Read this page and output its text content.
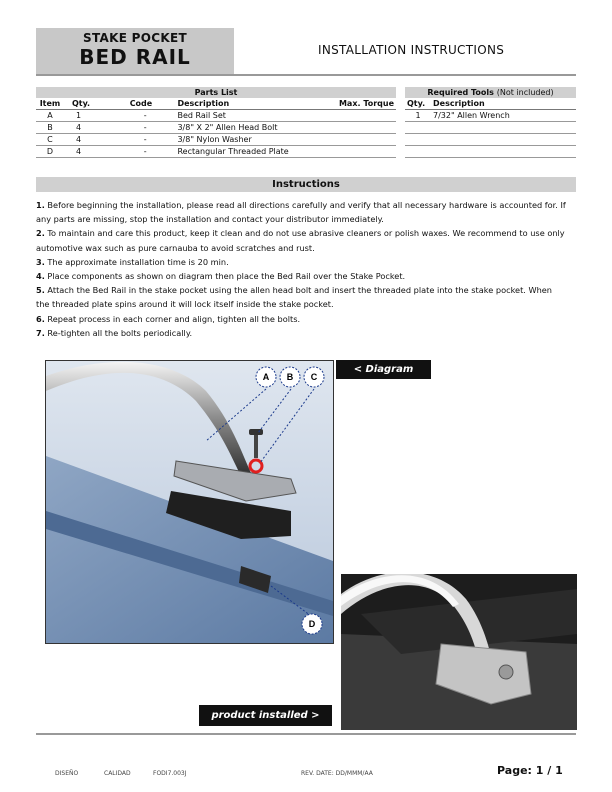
STAKE POCKET
BED RAIL	INSTALLATION INSTRUCTIONS
Parts List				
Item	Qty.	Code	Description	Max. Torque
A	1	-	Bed Rail Set	
B	4	-	3/8" X 2" Allen Head Bolt	
C	4	-	3/8" Nylon Washer	
D	4	-	Rectangular Threaded Plate	
Required Tools (Not included)	
Qty.	Description
1	7/32" Allen Wrench

Instructions

1. Before beginning the installation, please read all directions carefully and verify that all necessary hardware is accounted for. If any parts are missing, stop the installation and contact your distributor immediately.

2. To maintain and care this product, keep it clean and do not use abrasive cleaners or polish waxes. We recommend to use only automotive wax such as pure carnauba to avoid scratches and rust.

3. The approximate installation time is 20 min.

4. Place components as shown on diagram then place the Bed Rail over the Stake Pocket.

5. Attach the Bed Rail in the stake pocket using the allen head bolt and insert the threaded plate into the stake pocket. When the threaded plate spins around it will lock itself inside the stake pocket.

6. Repeat process in each corner and align, tighten all the bolts.

7. Re-tighten all the bolts periodically.

A B C
D
< Diagram
product installed >
DISEÑO	CALIDAD	FODI7.003J	REV. DATE: DD/MMM/AA	Page: 1 / 1
